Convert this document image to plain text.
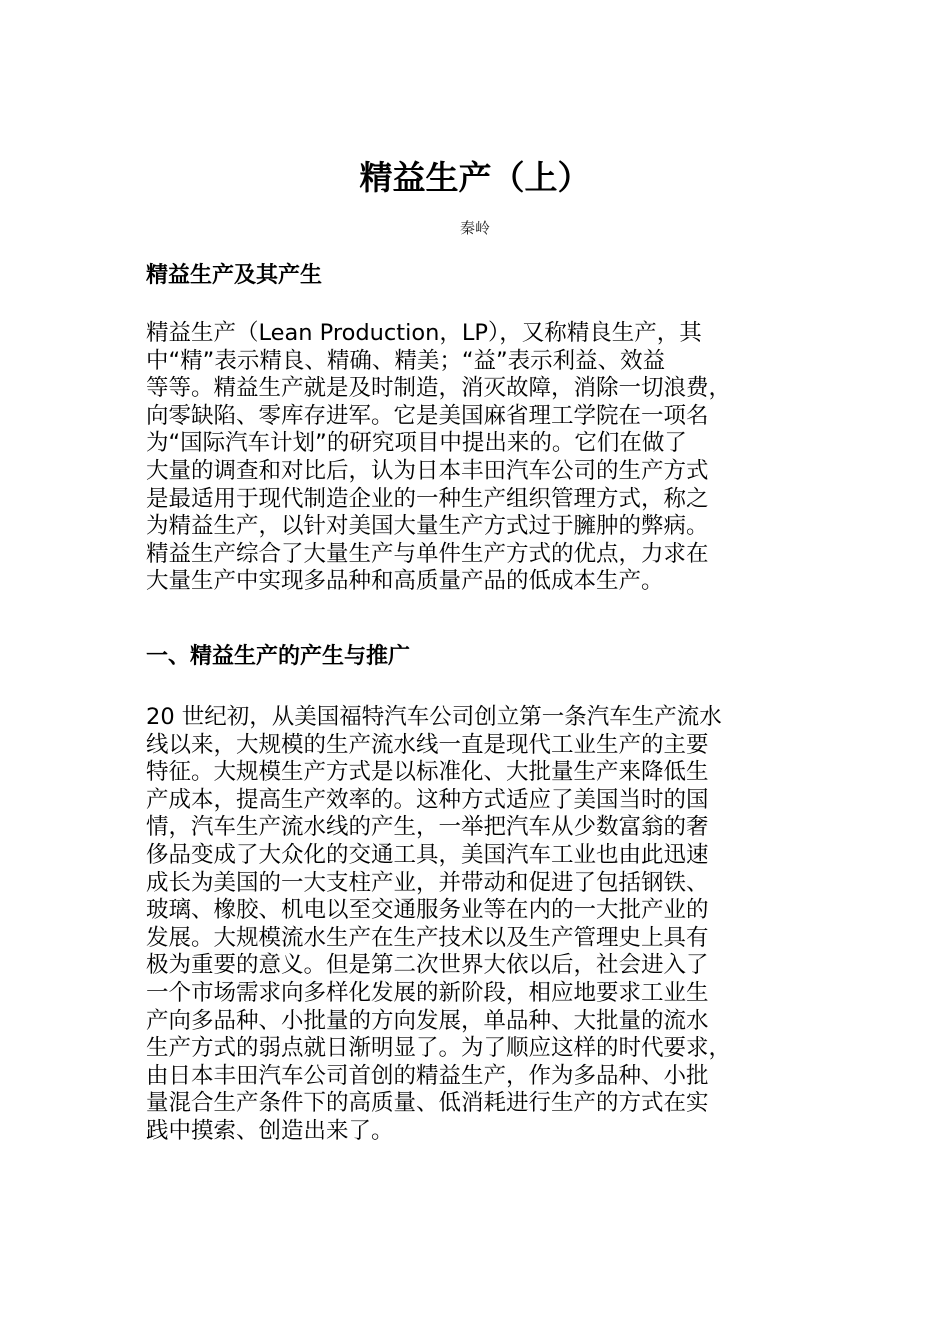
精益生产（上）

秦岭

精益生产及其产生
精益生产（Lean Production，LP），又称精良生产，其
中“精”表示精良、精确、精美；“益”表示利益、效益
等等。精益生产就是及时制造，消灭故障，消除一切浪费，
向零缺陷、零库存进军。它是美国麻省理工学院在一项名
为“国际汽车计划”的研究项目中提出来的。它们在做了
大量的调查和对比后，认为日本丰田汽车公司的生产方式
是最适用于现代制造企业的一种生产组织管理方式，称之
为精益生产，以针对美国大量生产方式过于臃肿的弊病。
精益生产综合了大量生产与单件生产方式的优点，力求在
大量生产中实现多品种和高质量产品的低成本生产。
一、精益生产的产生与推广
20 世纪初，从美国福特汽车公司创立第一条汽车生产流水
线以来，大规模的生产流水线一直是现代工业生产的主要
特征。大规模生产方式是以标准化、大批量生产来降低生
产成本，提高生产效率的。这种方式适应了美国当时的国
情，汽车生产流水线的产生，一举把汽车从少数富翁的奢
侈品变成了大众化的交通工具，美国汽车工业也由此迅速
成长为美国的一大支柱产业，并带动和促进了包括钢铁、
玻璃、橡胶、机电以至交通服务业等在内的一大批产业的
发展。大规模流水生产在生产技术以及生产管理史上具有
极为重要的意义。但是第二次世界大依以后，社会进入了
一个市场需求向多样化发展的新阶段，相应地要求工业生
产向多品种、小批量的方向发展，单品种、大批量的流水
生产方式的弱点就日渐明显了。为了顺应这样的时代要求，
由日本丰田汽车公司首创的精益生产，作为多品种、小批
量混合生产条件下的高质量、低消耗进行生产的方式在实
践中摸索、创造出来了。
